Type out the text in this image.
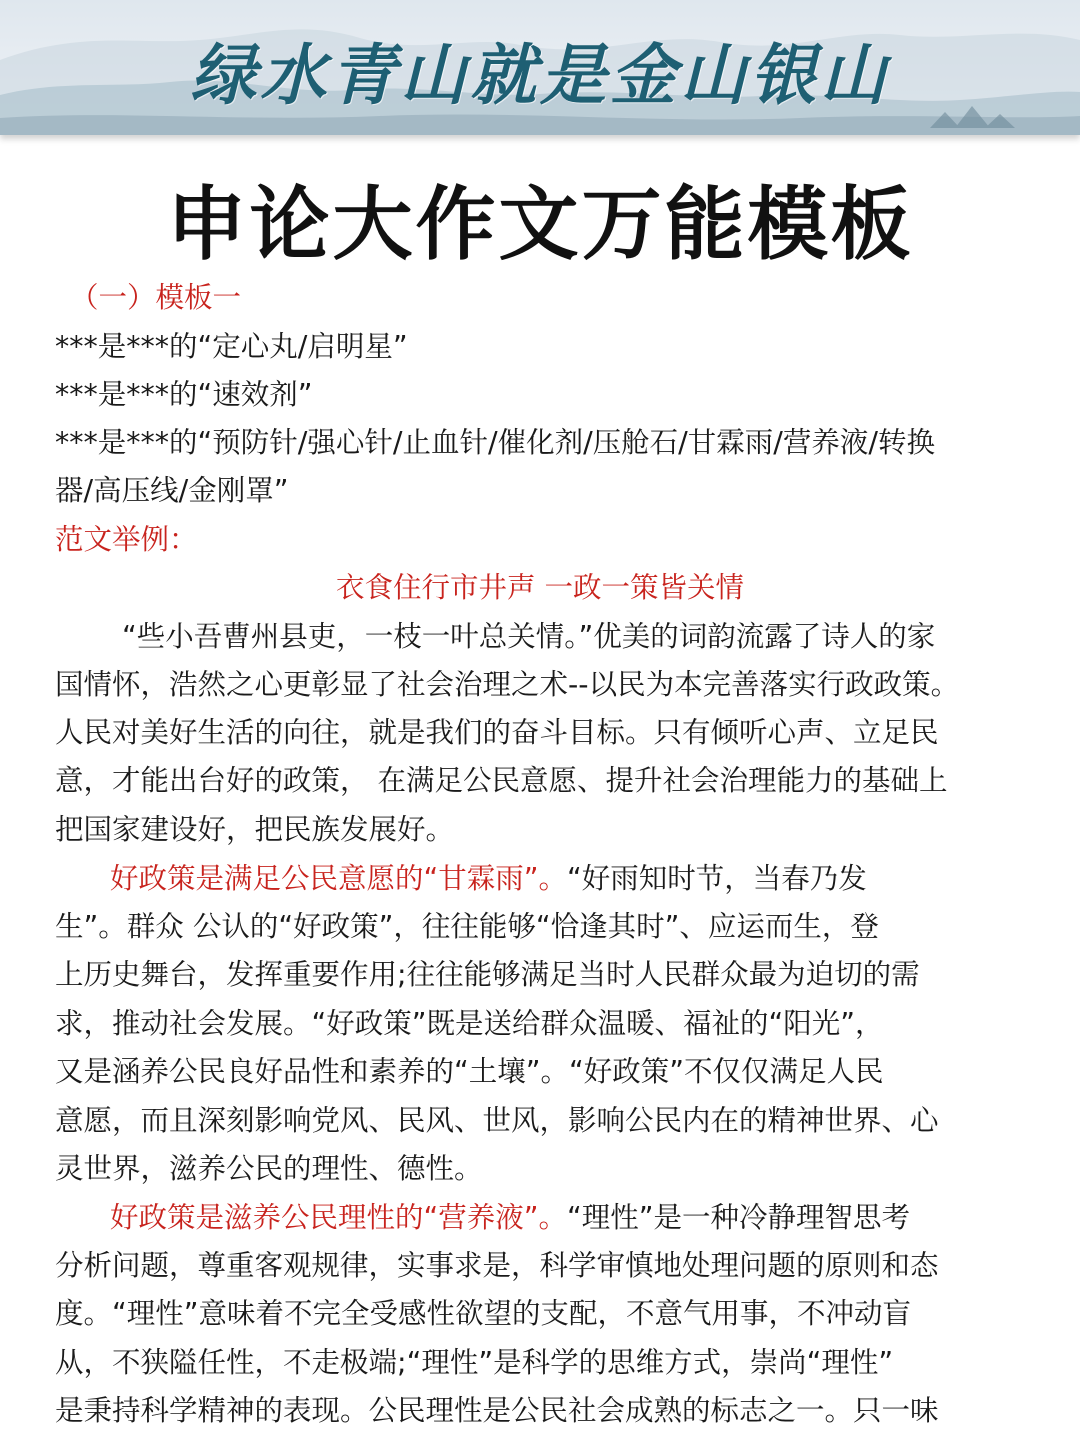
绿水青山就是金山银山
申论大作文万能模板
（一）模板一
***是***的“定心丸/启明星”
***是***的“速效剂”
***是***的“预防针/强心针/止血针/催化剂/压舱石/甘霖雨/营养液/转换
器/高压线/金刚罩”
范文举例：
衣食住行市井声 一政一策皆关情
“些小吾曹州县吏，一枝一叶总关情。”优美的词韵流露了诗人的家
国情怀，浩然之心更彰显了社会治理之术--以民为本完善落实行政政策。
人民对美好生活的向往，就是我们的奋斗目标。只有倾听心声、立足民
意，才能出台好的政策， 在满足公民意愿、提升社会治理能力的基础上
把国家建设好，把民族发展好。
好政策是满足公民意愿的“甘霖雨”。“好雨知时节，当春乃发
生”。群众 公认的“好政策”，往往能够“恰逢其时”、应运而生，登
上历史舞台，发挥重要作用;往往能够满足当时人民群众最为迫切的需
求，推动社会发展。“好政策”既是送给群众温暖、福祉的“阳光”，
又是涵养公民良好品性和素养的“土壤”。“好政策”不仅仅满足人民
意愿，而且深刻影响党风、民风、世风，影响公民内在的精神世界、心
灵世界，滋养公民的理性、德性。
好政策是滋养公民理性的“营养液”。“理性”是一种冷静理智思考
分析问题，尊重客观规律，实事求是，科学审慎地处理问题的原则和态
度。“理性”意味着不完全受感性欲望的支配，不意气用事，不冲动盲
从，不狭隘任性，不走极端;“理性”是科学的思维方式，崇尚“理性”
是秉持科学精神的表现。公民理性是公民社会成熟的标志之一。只一味
